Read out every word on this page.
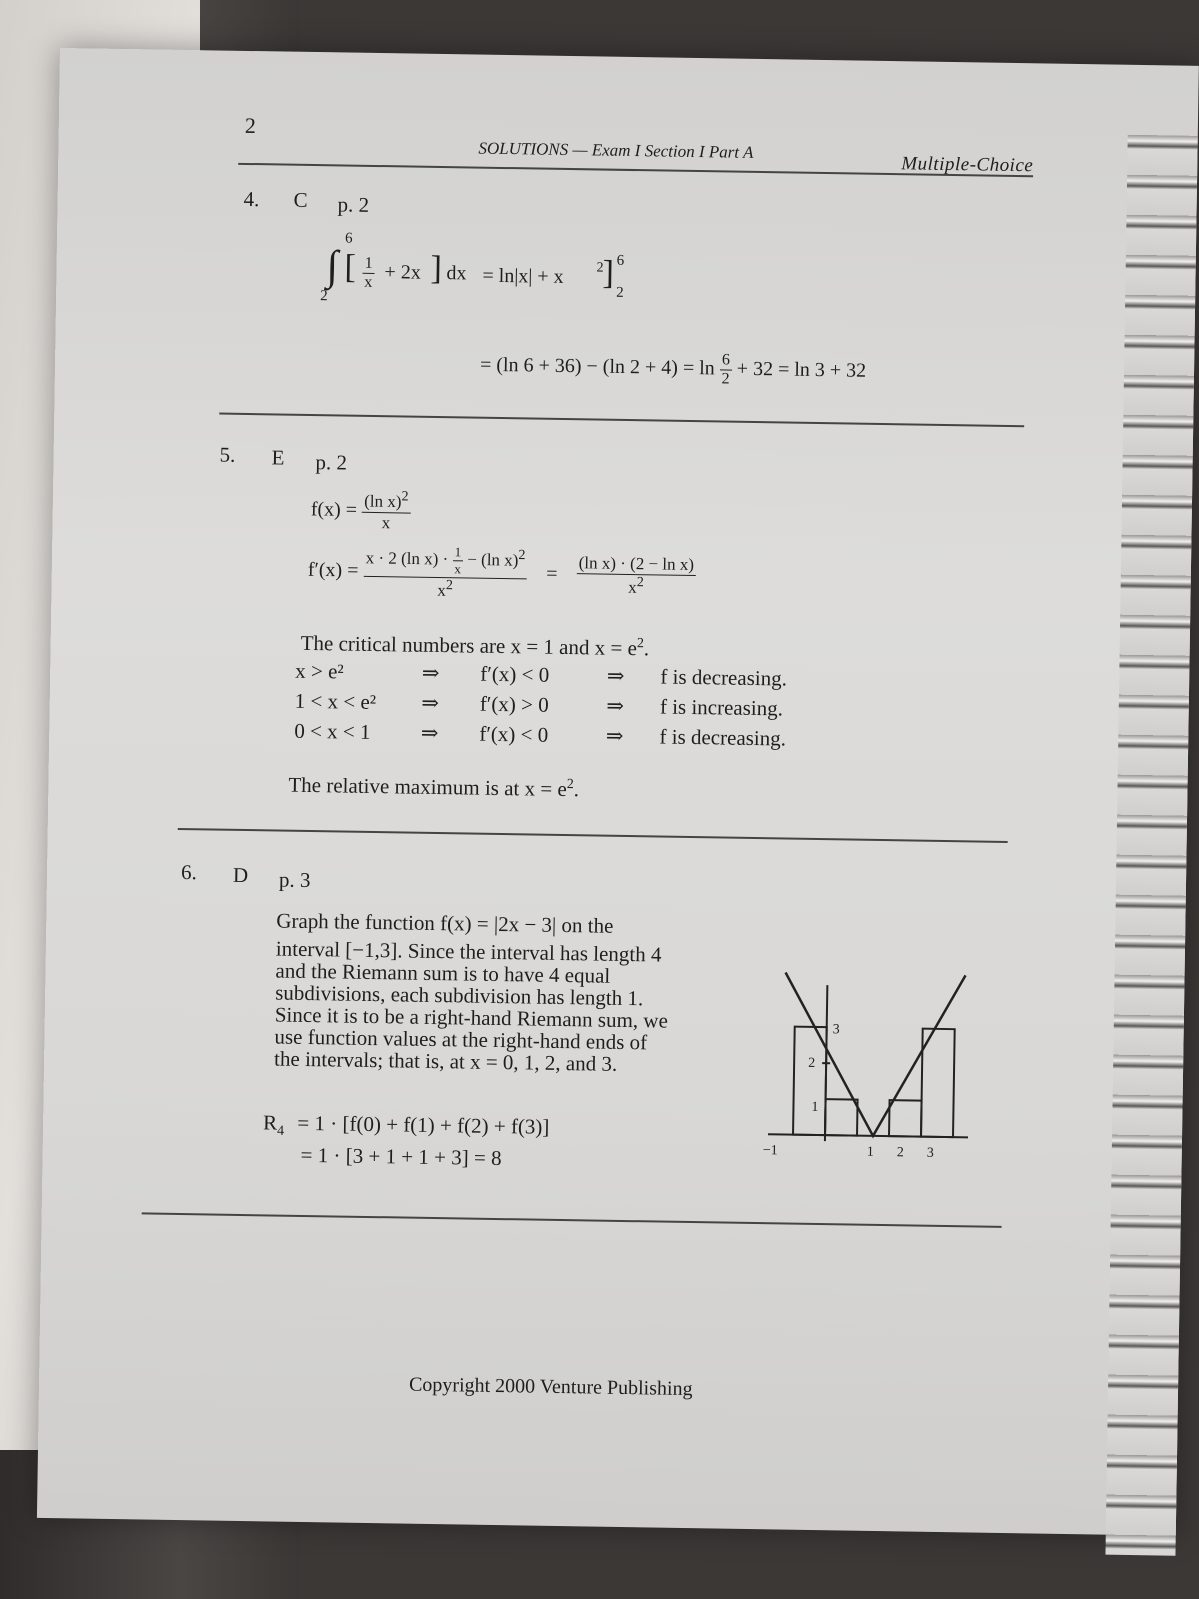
2
SOLUTIONS — Exam I Section I Part A
Multiple-Choice
4. C p. 2
6
2
∫ [ $\frac{1}{x} + 2x$ ] dx = ln|x| + x 2
] 6
2
= (ln 6 + 36) − (ln $2 + 4) = \ln \frac{6}{2} + 32 = \ln 3 + 32$
5. E p. 2
$f(x) = \frac{(\ln x)^2}{x}$
f′(x) =
x · 2 (ln $x) \cdot \frac{1}{x} - (\ln$ x)$^2$
$x^2$
= $\frac{\text{(ln x) · (2 − ln x)}}{x^2}$
The critical numbers are x = 1 and $x = e^2$.
x > e²	⇒	f′(x) < 0	⇒	f is decreasing.
1 < x < e²	⇒	f′(x) > 0	⇒	f is increasing.
0 < x < 1	⇒	f′(x) < 0	⇒	f is decreasing.
The relative maximum is at $x = e^2$.
6. D p. 3
Graph the function f(x) = |2x − 3| on the
interval [−1,3]. Since the interval has length 4
and the Riemann sum is to have 4 equal
subdivisions, each subdivision has length 1.
Since it is to be a right-hand Riemann sum, we
use function values at the right-hand ends of
the intervals; that is, at x = 0, 1, 2, and 3.
$R_4 = 1 \cdot [f(0) + f(1) + f(2) + f(3)]$
= 1 · [3 + 1 + 1 + 3] = 8	−1	1 2 3
1
2
3
Copyright 2000 Venture Publishing
